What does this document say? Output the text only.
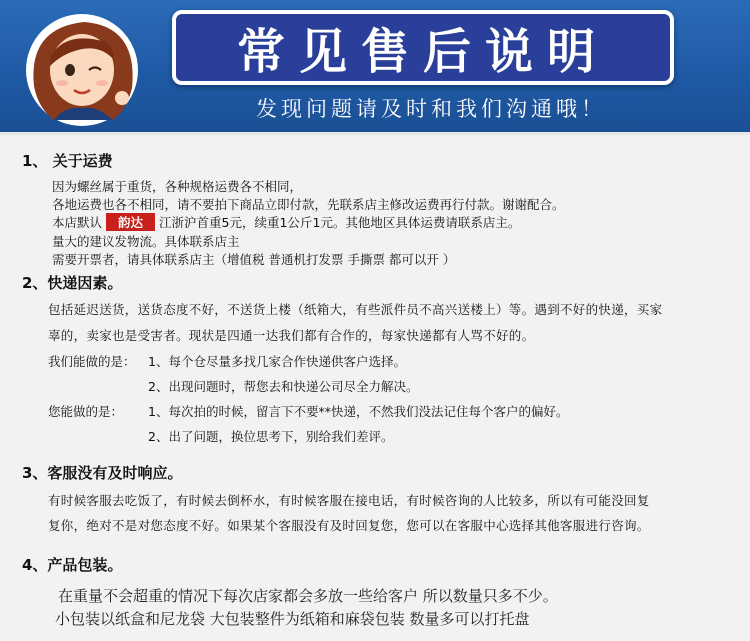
常见售后说明
发现问题请及时和我们沟通哦！
1、 关于运费
因为螺丝属于重货，各种规格运费各不相同，
各地运费也各不相同，请不要拍下商品立即付款，先联系店主修改运费再行付款。谢谢配合。
本店默认 韵达 江浙沪首重5元，续重1公斤1元。其他地区具体运费请联系店主。
量大的建议发物流。具体联系店主
需要开票者，请具体联系店主（增值税 普通机打发票 手撕票 都可以开 ）
2、快递因素。
包括延迟送货，送货态度不好，不送货上楼（纸箱大，有些派件员不高兴送楼上）等。遇到不好的快递，买家
辜的，卖家也是受害者。现状是四通一达我们都有合作的，每家快递都有人骂不好的。
我们能做的是： 1、每个仓尽量多找几家合作快递供客户选择。
2、出现问题时，帮您去和快递公司尽全力解决。
您能做的是： 1、每次拍的时候，留言下不要**快递，不然我们没法记住每个客户的偏好。
2、出了问题，换位思考下，别给我们差评。
3、客服没有及时响应。
有时候客服去吃饭了，有时候去倒杯水，有时候客服在接电话，有时候咨询的人比较多，所以有可能没回复
复你，绝对不是对您态度不好。如果某个客服没有及时回复您，您可以在客服中心选择其他客服进行咨询。
4、产品包装。
在重量不会超重的情况下每次店家都会多放一些给客户 所以数量只多不少。
小包装以纸盒和尼龙袋 大包装整件为纸箱和麻袋包装 数量多可以打托盘
